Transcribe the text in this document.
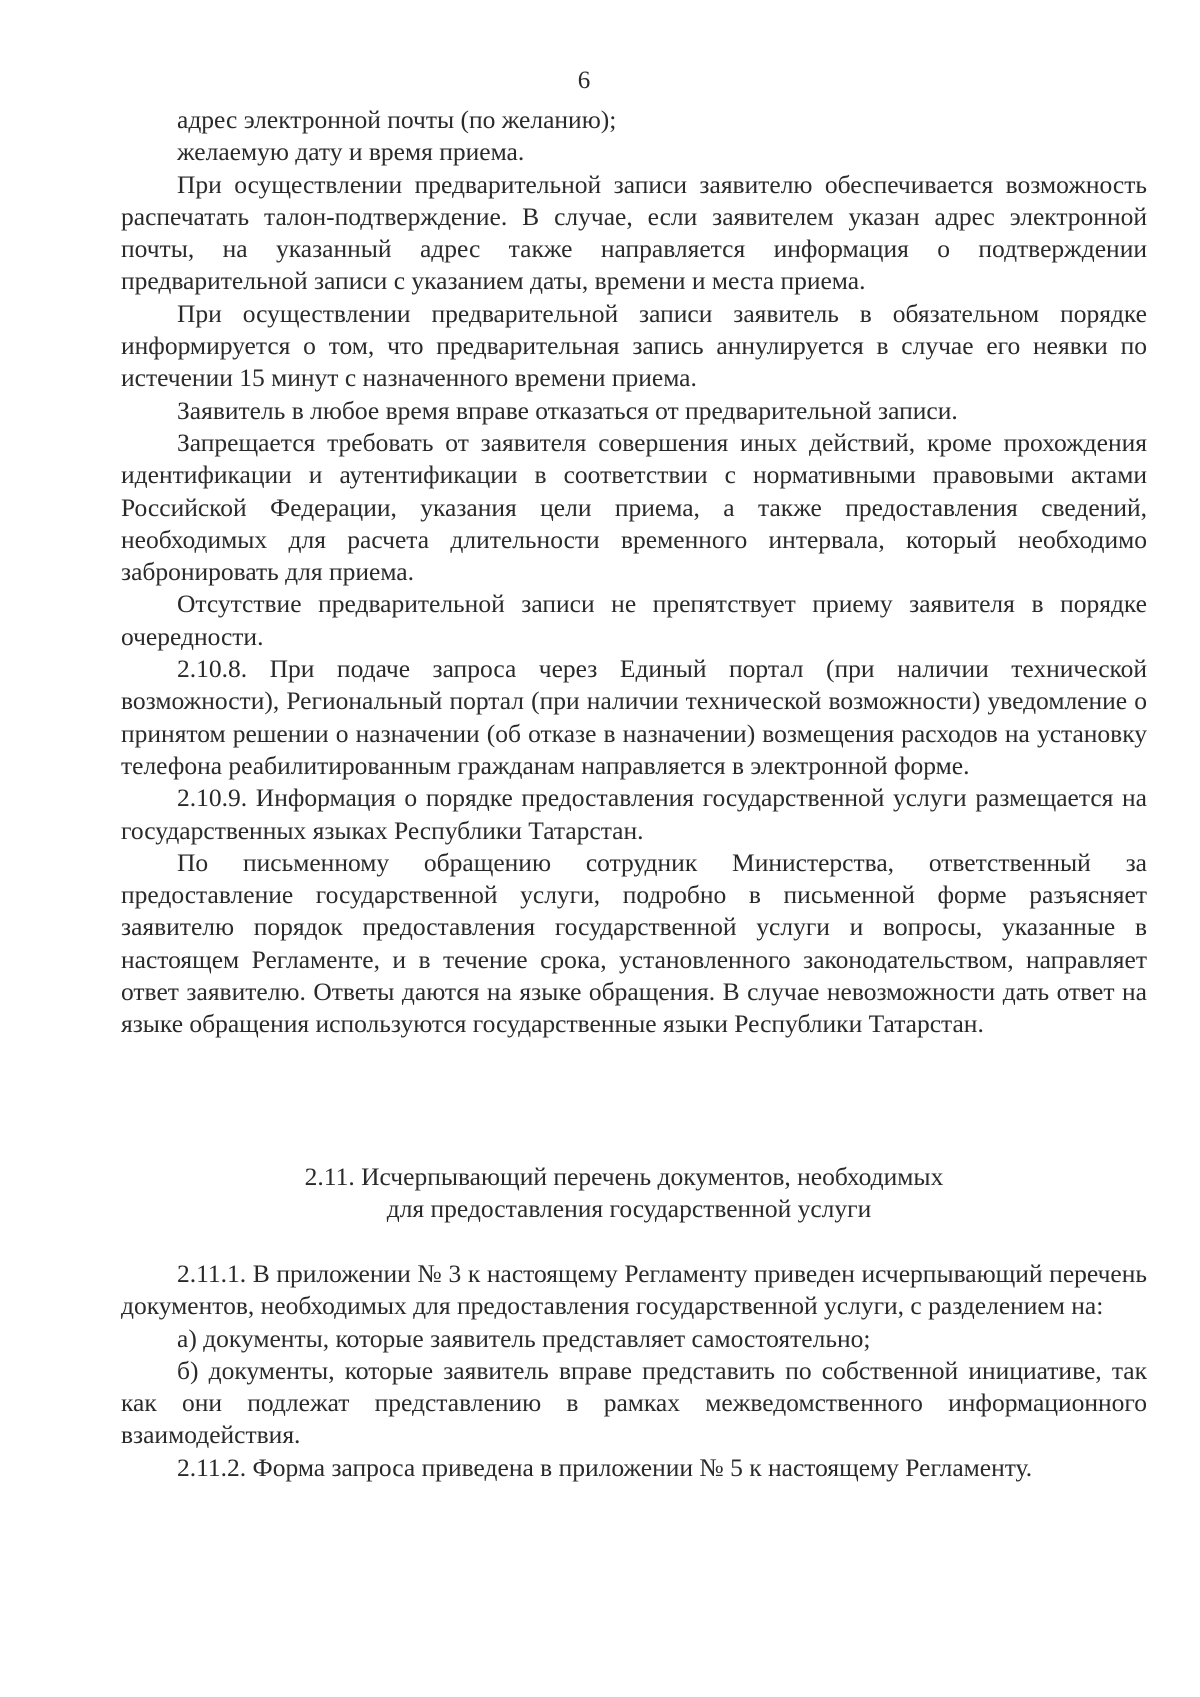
6

адрес электронной почты (по желанию);

желаемую дату и время приема.

При осуществлении предварительной записи заявителю обеспечивается возможность распечатать талон-подтверждение. В случае, если заявителем указан адрес электронной почты, на указанный адрес также направляется информация о подтверждении предварительной записи с указанием даты, времени и места приема.

При осуществлении предварительной записи заявитель в обязательном порядке информируется о том, что предварительная запись аннулируется в случае его неявки по истечении 15 минут с назначенного времени приема.

Заявитель в любое время вправе отказаться от предварительной записи.

Запрещается требовать от заявителя совершения иных действий, кроме прохождения идентификации и аутентификации в соответствии с нормативными правовыми актами Российской Федерации, указания цели приема, а также предоставления сведений, необходимых для расчета длительности временного интервала, который необходимо забронировать для приема.

Отсутствие предварительной записи не препятствует приему заявителя в порядке очередности.

2.10.8. При подаче запроса через Единый портал (при наличии технической возможности), Региональный портал (при наличии технической возможности) уведомление о принятом решении о назначении (об отказе в назначении) возмещения расходов на установку телефона реабилитированным гражданам направляется в электронной форме.

2.10.9. Информация о порядке предоставления государственной услуги размещается на государственных языках Республики Татарстан.

По письменному обращению сотрудник Министерства, ответственный за предоставление государственной услуги, подробно в письменной форме разъясняет заявителю порядок предоставления государственной услуги и вопросы, указанные в настоящем Регламенте, и в течение срока, установленного законодательством, направляет ответ заявителю. Ответы даются на языке обращения. В случае невозможности дать ответ на языке обращения используются государственные языки Республики Татарстан.

2.11. Исчерпывающий перечень документов, необходимых
для предоставления государственной услуги

2.11.1. В приложении № 3 к настоящему Регламенту приведен исчерпывающий перечень документов, необходимых для предоставления государственной услуги, с разделением на:

а) документы, которые заявитель представляет самостоятельно;

б) документы, которые заявитель вправе представить по собственной инициативе, так как они подлежат представлению в рамках межведомственного информационного взаимодействия.

2.11.2. Форма запроса приведена в приложении № 5 к настоящему Регламенту.
